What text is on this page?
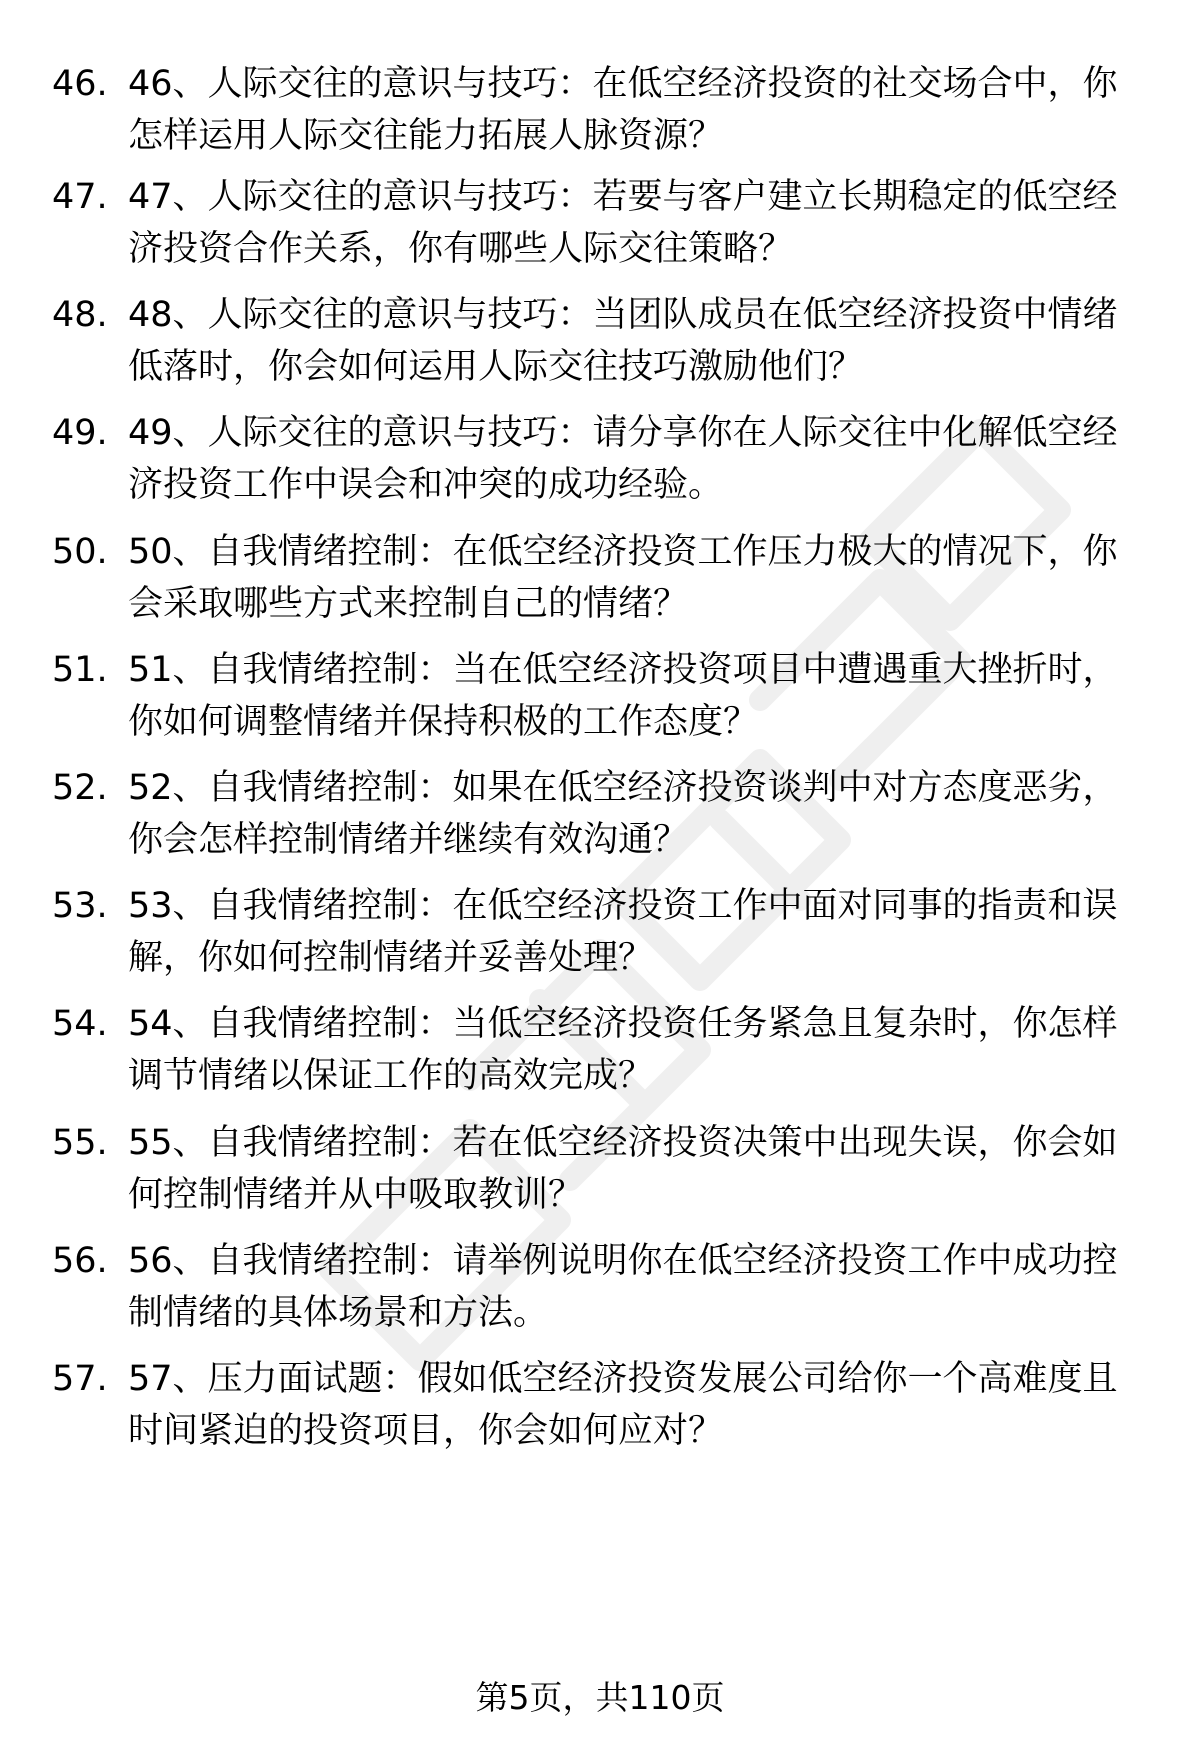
46. 46、人际交往的意识与技巧：在低空经济投资的社交场合中，你怎样运用人际交往能力拓展人脉资源？

47. 47、人际交往的意识与技巧：若要与客户建立长期稳定的低空经济投资合作关系，你有哪些人际交往策略？

48. 48、人际交往的意识与技巧：当团队成员在低空经济投资中情绪低落时，你会如何运用人际交往技巧激励他们？

49. 49、人际交往的意识与技巧：请分享你在人际交往中化解低空经济投资工作中误会和冲突的成功经验。

50. 50、自我情绪控制：在低空经济投资工作压力极大的情况下，你会采取哪些方式来控制自己的情绪？

51. 51、自我情绪控制：当在低空经济投资项目中遭遇重大挫折时，你如何调整情绪并保持积极的工作态度？

52. 52、自我情绪控制：如果在低空经济投资谈判中对方态度恶劣，你会怎样控制情绪并继续有效沟通？

53. 53、自我情绪控制：在低空经济投资工作中面对同事的指责和误解，你如何控制情绪并妥善处理？

54. 54、自我情绪控制：当低空经济投资任务紧急且复杂时，你怎样调节情绪以保证工作的高效完成？

55. 55、自我情绪控制：若在低空经济投资决策中出现失误，你会如何控制情绪并从中吸取教训？

56. 56、自我情绪控制：请举例说明你在低空经济投资工作中成功控制情绪的具体场景和方法。

57. 57、压力面试题：假如低空经济投资发展公司给你一个高难度且时间紧迫的投资项目，你会如何应对？

第5页，共110页
